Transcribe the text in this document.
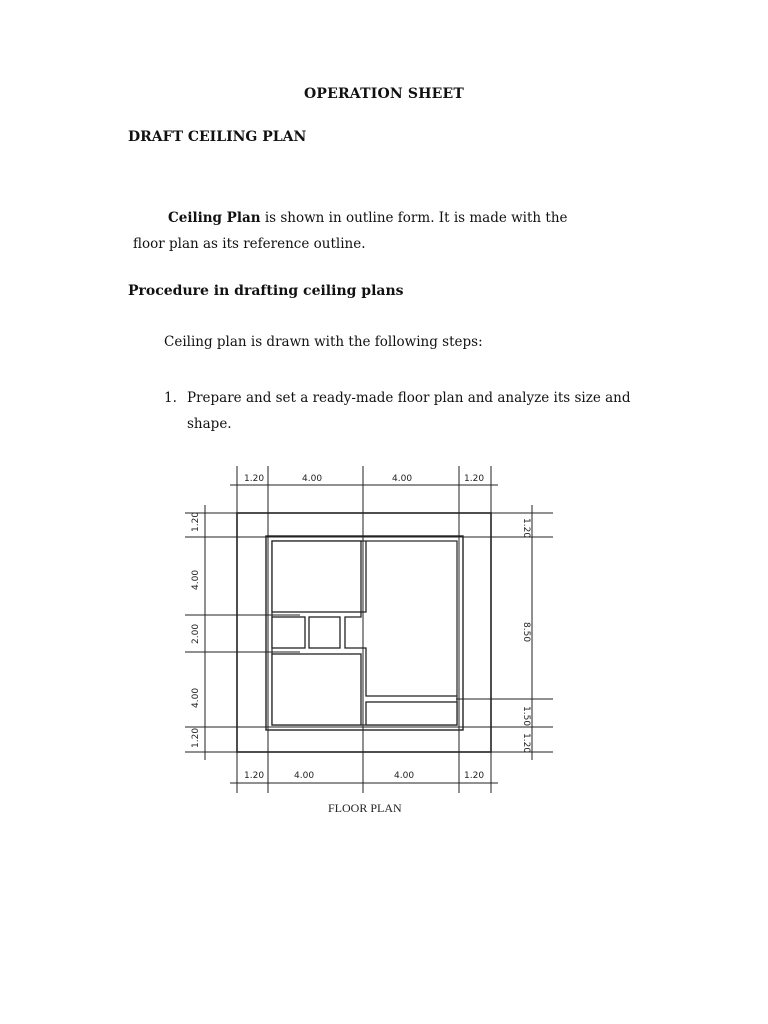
OPERATION SHEET
DRAFT CEILING PLAN
Ceiling Plan is shown in outline form. It is made with the
floor plan as its reference outline.
Procedure in drafting ceiling plans
Ceiling plan is drawn with the following steps:
1. Prepare and set a ready-made floor plan and analyze its size and shape.
1.20	4.00	4.00	1.20
1.20	4.00	4.00	1.20
1.20
4.00
2.00
4.00
1.20
1.20
8.50
1.50
1.20
FLOOR PLAN
